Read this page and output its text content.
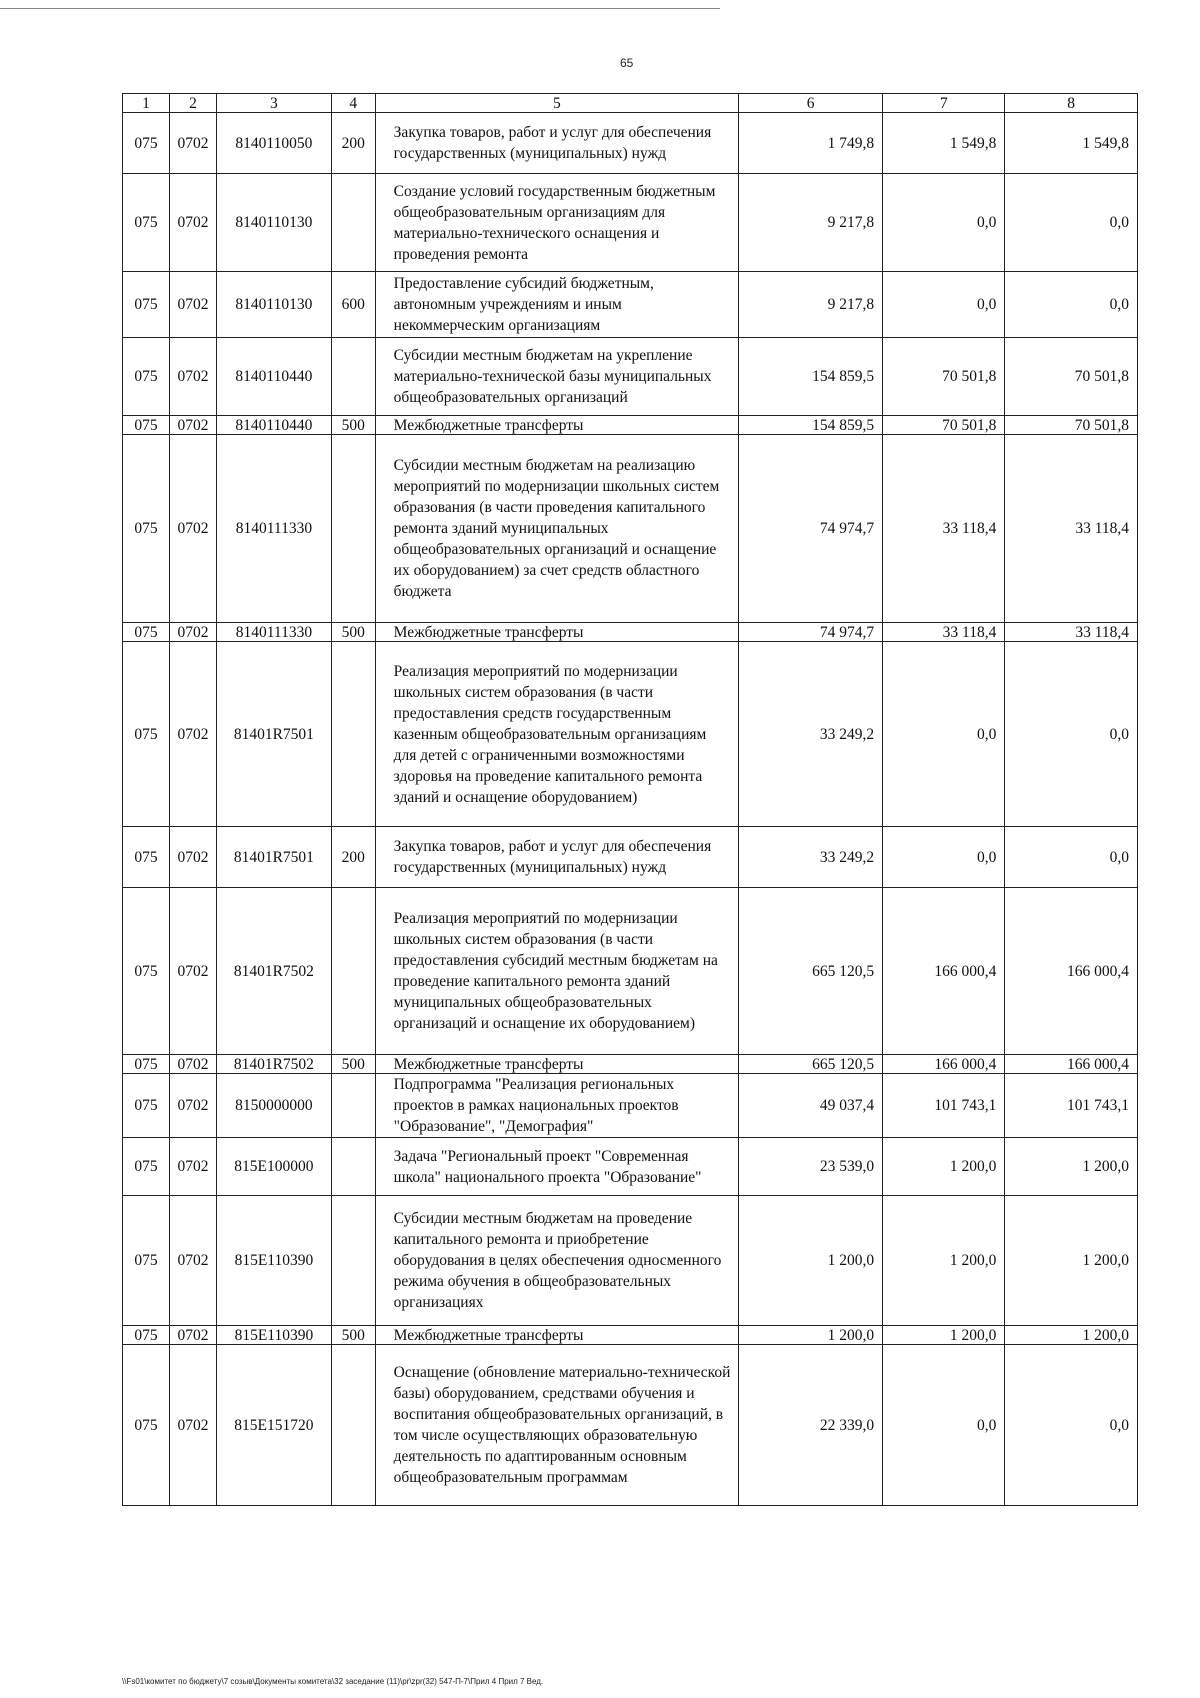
65
1	2	3	4	5	6	7	8
075	0702	8140110050	200	Закупка товаров, работ и услуг для обеспечения государственных (муниципальных) нужд	1 749,8	1 549,8	1 549,8
075	0702	8140110130		Создание условий государственным бюджетным общеобразовательным организациям для материально-технического оснащения и проведения ремонта	9 217,8	0,0	0,0
075	0702	8140110130	600	Предоставление субсидий бюджетным, автономным учреждениям и иным некоммерческим организациям	9 217,8	0,0	0,0
075	0702	8140110440		Субсидии местным бюджетам на укрепление материально-технической базы муниципальных общеобразовательных организаций	154 859,5	70 501,8	70 501,8
075	0702	8140110440	500	Межбюджетные трансферты	154 859,5	70 501,8	70 501,8
075	0702	8140111330		Субсидии местным бюджетам на реализацию мероприятий по модернизации школьных систем образования (в части проведения капитального ремонта зданий муниципальных общеобразовательных организаций и оснащение их оборудованием) за счет средств областного бюджета	74 974,7	33 118,4	33 118,4
075	0702	8140111330	500	Межбюджетные трансферты	74 974,7	33 118,4	33 118,4
075	0702	81401R7501		Реализация мероприятий по модернизации школьных систем образования (в части предоставления средств государственным казенным общеобразовательным организациям для детей с ограниченными возможностями здоровья на проведение капитального ремонта зданий и оснащение оборудованием)	33 249,2	0,0	0,0
075	0702	81401R7501	200	Закупка товаров, работ и услуг для обеспечения государственных (муниципальных) нужд	33 249,2	0,0	0,0
075	0702	81401R7502		Реализация мероприятий по модернизации школьных систем образования (в части предоставления субсидий местным бюджетам на проведение капитального ремонта зданий муниципальных общеобразовательных организаций и оснащение их оборудованием)	665 120,5	166 000,4	166 000,4
075	0702	81401R7502	500	Межбюджетные трансферты	665 120,5	166 000,4	166 000,4
075	0702	8150000000		Подпрограмма "Реализация региональных проектов в рамках национальных проектов "Образование", "Демография"	49 037,4	101 743,1	101 743,1
075	0702	815E100000		Задача "Региональный проект "Современная школа" национального проекта "Образование"	23 539,0	1 200,0	1 200,0
075	0702	815E110390		Субсидии местным бюджетам на проведение капитального ремонта и приобретение оборудования в целях обеспечения односменного режима обучения в общеобразовательных организациях	1 200,0	1 200,0	1 200,0
075	0702	815E110390	500	Межбюджетные трансферты	1 200,0	1 200,0	1 200,0
075	0702	815E151720		Оснащение (обновление материально-технической базы) оборудованием, средствами обучения и воспитания общеобразовательных организаций, в том числе осуществляющих образовательную деятельность по адаптированным основным общеобразовательным программам	22 339,0	0,0	0,0
\\Fs01\комитет по бюджету\7 созыв\Документы комитета\32 заседание (11)\pr\zpr(32) 547-П-7\Прил 4 Прил 7 Вед.
